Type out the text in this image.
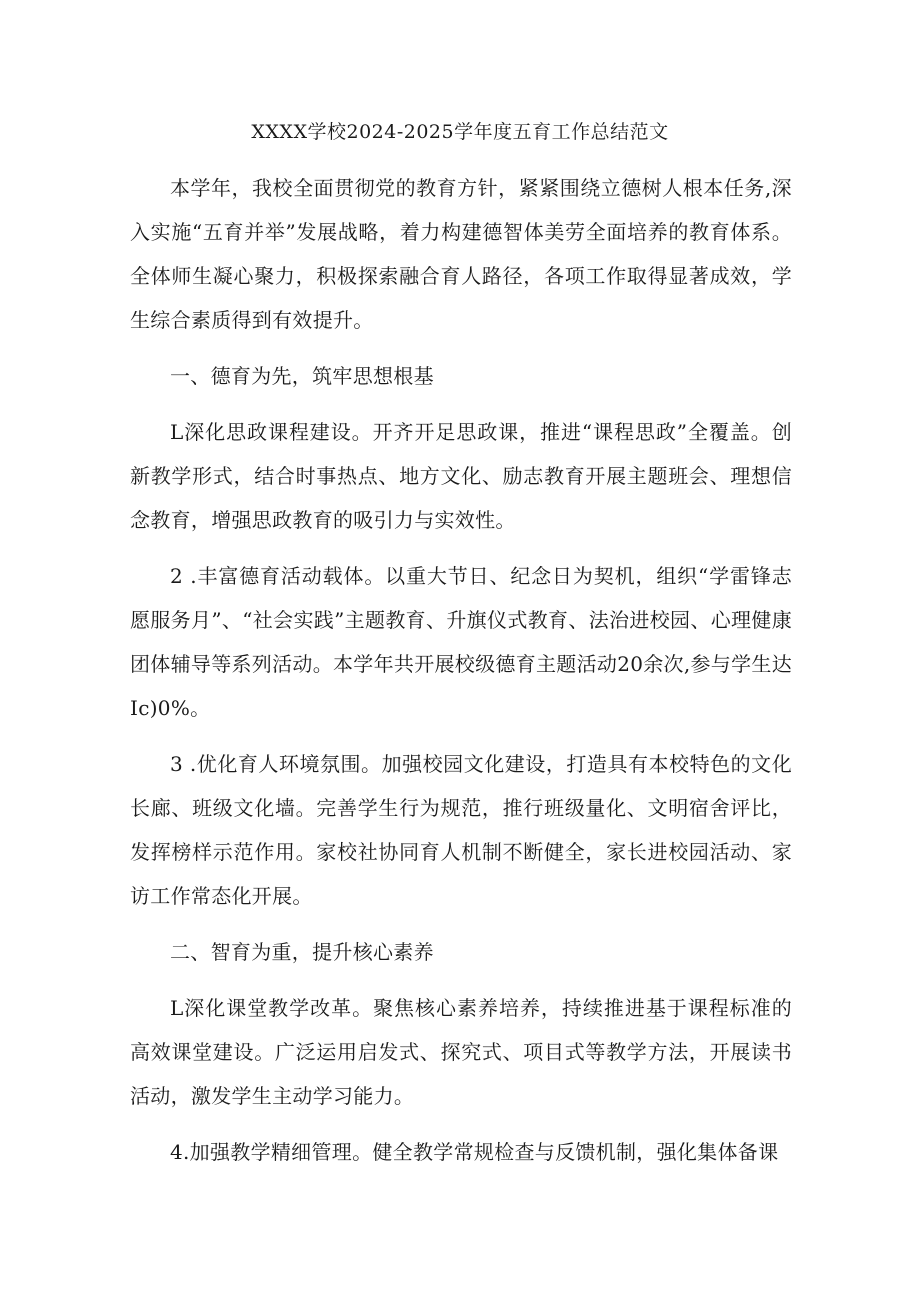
XXXX学校2024-2025学年度五育工作总结范文

本学年，我校全面贯彻党的教育方针，紧紧围绕立德树人根本任务,深入实施“五育并举”发展战略，着力构建德智体美劳全面培养的教育体系。全体师生凝心聚力，积极探索融合育人路径，各项工作取得显著成效，学生综合素质得到有效提升。

一、德育为先，筑牢思想根基

L深化思政课程建设。开齐开足思政课，推进“课程思政”全覆盖。创新教学形式，结合时事热点、地方文化、励志教育开展主题班会、理想信念教育，增强思政教育的吸引力与实效性。

2 .丰富德育活动载体。以重大节日、纪念日为契机，组织“学雷锋志愿服务月”、“社会实践”主题教育、升旗仪式教育、法治进校园、心理健康团体辅导等系列活动。本学年共开展校级德育主题活动20余次,参与学生达Ic)0%。

3 .优化育人环境氛围。加强校园文化建设，打造具有本校特色的文化长廊、班级文化墙。完善学生行为规范，推行班级量化、文明宿舍评比，发挥榜样示范作用。家校社协同育人机制不断健全，家长进校园活动、家访工作常态化开展。

二、智育为重，提升核心素养

L深化课堂教学改革。聚焦核心素养培养，持续推进基于课程标准的高效课堂建设。广泛运用启发式、探究式、项目式等教学方法，开展读书活动，激发学生主动学习能力。

4.加强教学精细管理。健全教学常规检查与反馈机制，强化集体备课
